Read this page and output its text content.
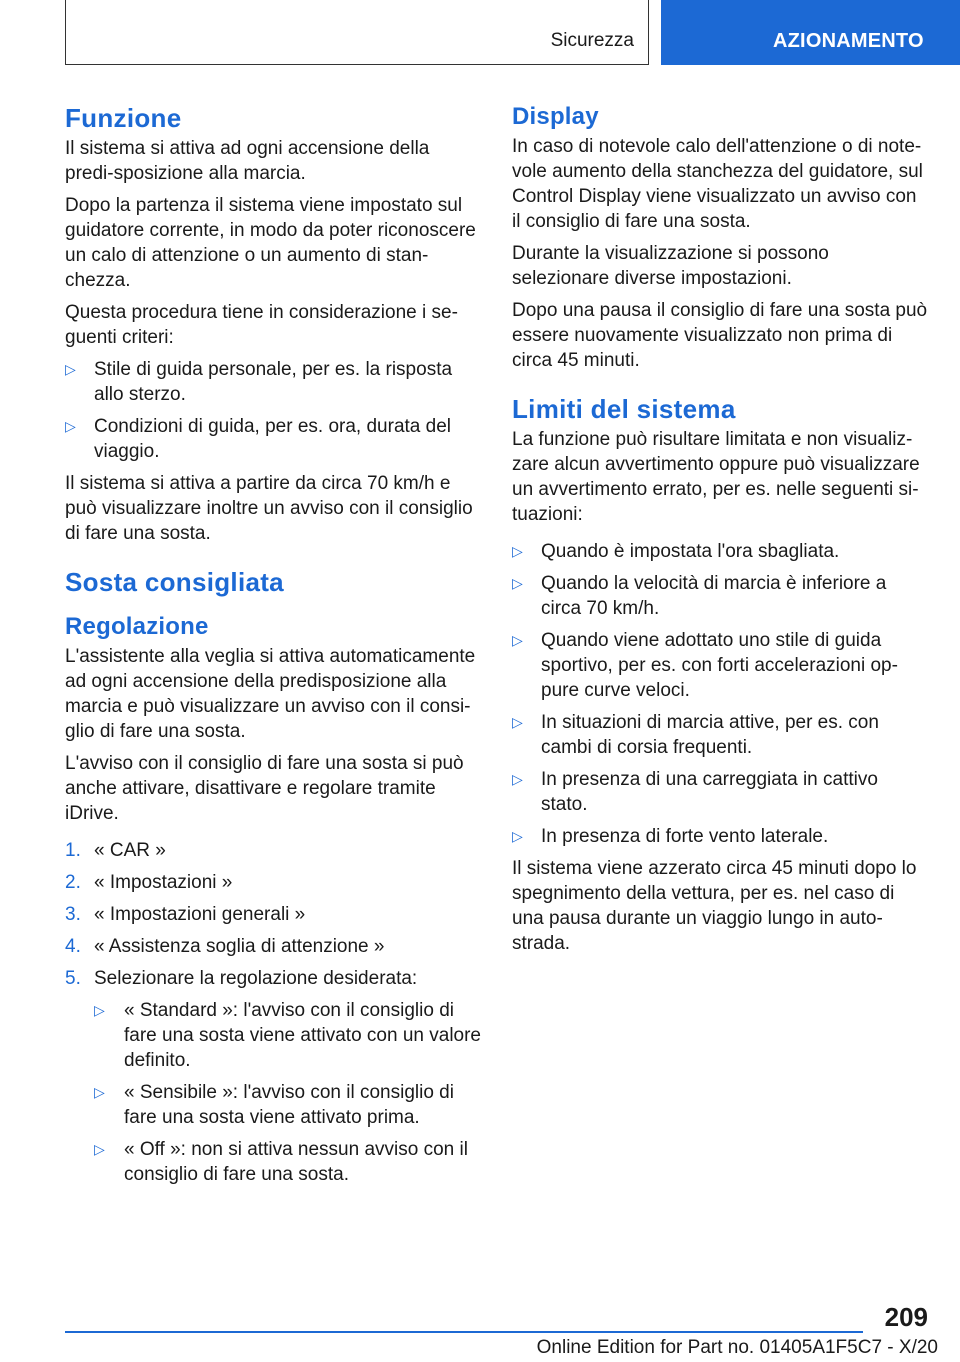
Sicurezza	AZIONAMENTO
Funzione

Il sistema si attiva ad ogni accensione della predi-sposizione alla marcia.

Dopo la partenza il sistema viene impostato sul guidatore corrente, in modo da poter riconoscere un calo di attenzione o un aumento di stan-chezza.

Questa procedura tiene in considerazione i se-guenti criteri:

▷ Stile di guida personale, per es. la risposta allo sterzo.
▷ Condizioni di guida, per es. ora, durata del viaggio.

Il sistema si attiva a partire da circa 70 km/h e può visualizzare inoltre un avviso con il consiglio di fare una sosta.

Sosta consigliata
Regolazione

L'assistente alla veglia si attiva automaticamente ad ogni accensione della predisposizione alla marcia e può visualizzare un avviso con il consi-glio di fare una sosta.

L'avviso con il consiglio di fare una sosta si può anche attivare, disattivare e regolare tramite iDrive.

1. « CAR »
2. « Impostazioni »
3. « Impostazioni generali »
4. « Assistenza soglia di attenzione »
5. Selezionare la regolazione desiderata:
▷ « Standard »: l'avviso con il consiglio di fare una sosta viene attivato con un valore definito.
▷ « Sensibile »: l'avviso con il consiglio di fare una sosta viene attivato prima.
▷ « Off »: non si attiva nessun avviso con il consiglio di fare una sosta.
Display

In caso di notevole calo dell'attenzione o di note-vole aumento della stanchezza del guidatore, sul Control Display viene visualizzato un avviso con il consiglio di fare una sosta.

Durante la visualizzazione si possono selezionare diverse impostazioni.

Dopo una pausa il consiglio di fare una sosta può essere nuovamente visualizzato non prima di circa 45 minuti.

Limiti del sistema

La funzione può risultare limitata e non visualiz-zare alcun avvertimento oppure può visualizzare un avvertimento errato, per es. nelle seguenti si-tuazioni:

▷ Quando è impostata l'ora sbagliata.
▷ Quando la velocità di marcia è inferiore a circa 70 km/h.
▷ Quando viene adottato uno stile di guida sportivo, per es. con forti accelerazioni op-pure curve veloci.
▷ In situazioni di marcia attive, per es. con cambi di corsia frequenti.
▷ In presenza di una carreggiata in cattivo stato.
▷ In presenza di forte vento laterale.

Il sistema viene azzerato circa 45 minuti dopo lo spegnimento della vettura, per es. nel caso di una pausa durante un viaggio lungo in auto-strada.

209
Online Edition for Part no. 01405A1F5C7 - X/20
